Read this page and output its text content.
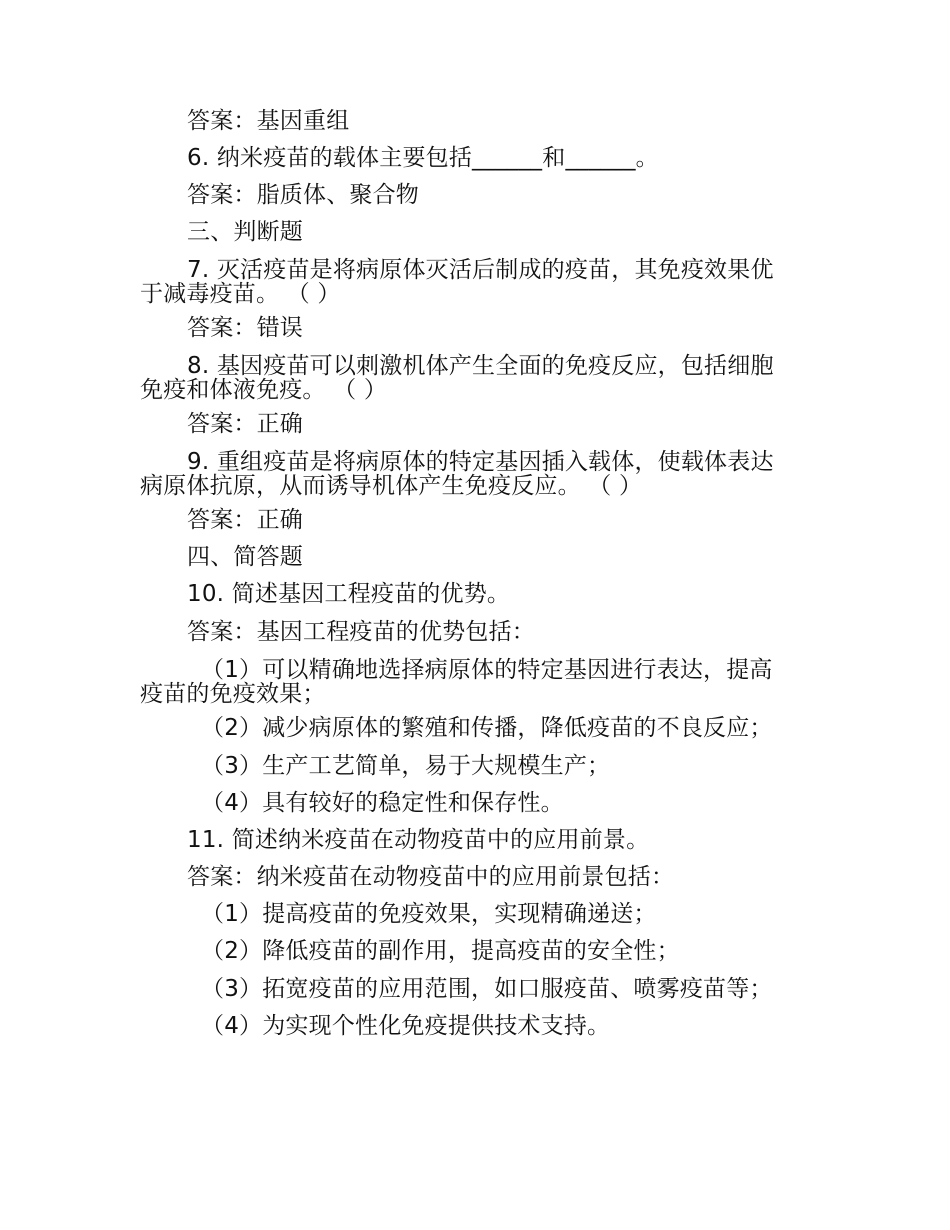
答案：基因重组
6. 纳米疫苗的载体主要包括______和______。
答案：脂质体、聚合物
三、判断题
7. 灭活疫苗是将病原体灭活后制成的疫苗，其免疫效果优
于减毒疫苗。 （ ）
答案：错误
8. 基因疫苗可以刺激机体产生全面的免疫反应，包括细胞
免疫和体液免疫。 （ ）
答案：正确
9. 重组疫苗是将病原体的特定基因插入载体，使载体表达
病原体抗原，从而诱导机体产生免疫反应。 （ ）
答案：正确
四、简答题
10. 简述基因工程疫苗的优势。
答案：基因工程疫苗的优势包括：
（1）可以精确地选择病原体的特定基因进行表达，提高
疫苗的免疫效果；
（2）减少病原体的繁殖和传播，降低疫苗的不良反应；
（3）生产工艺简单，易于大规模生产；
（4）具有较好的稳定性和保存性。
11. 简述纳米疫苗在动物疫苗中的应用前景。
答案：纳米疫苗在动物疫苗中的应用前景包括：
（1）提高疫苗的免疫效果，实现精确递送；
（2）降低疫苗的副作用，提高疫苗的安全性；
（3）拓宽疫苗的应用范围，如口服疫苗、喷雾疫苗等；
（4）为实现个性化免疫提供技术支持。
